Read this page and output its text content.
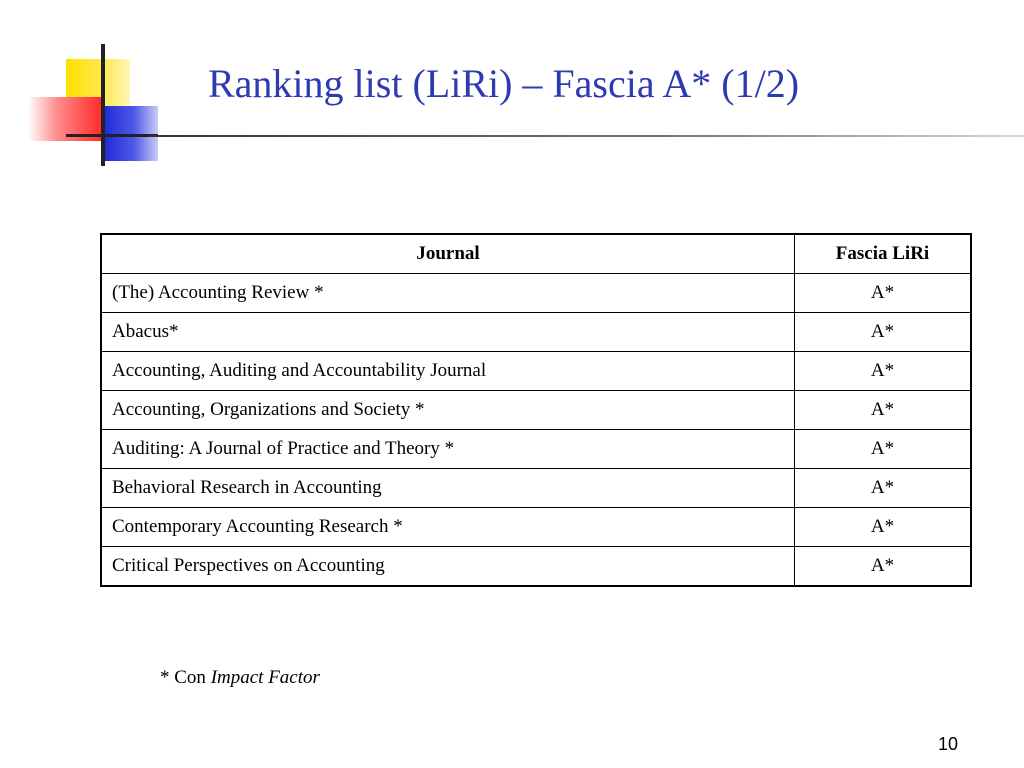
Ranking list (LiRi) – Fascia A* (1/2)
Journal	Fascia LiRi
(The) Accounting Review *	A*
Abacus*	A*
Accounting, Auditing and Accountability Journal	A*
Accounting, Organizations and Society *	A*
Auditing: A Journal of Practice and Theory *	A*
Behavioral Research in Accounting	A*
Contemporary Accounting Research *	A*
Critical Perspectives on Accounting	A*
* Con Impact Factor
10
